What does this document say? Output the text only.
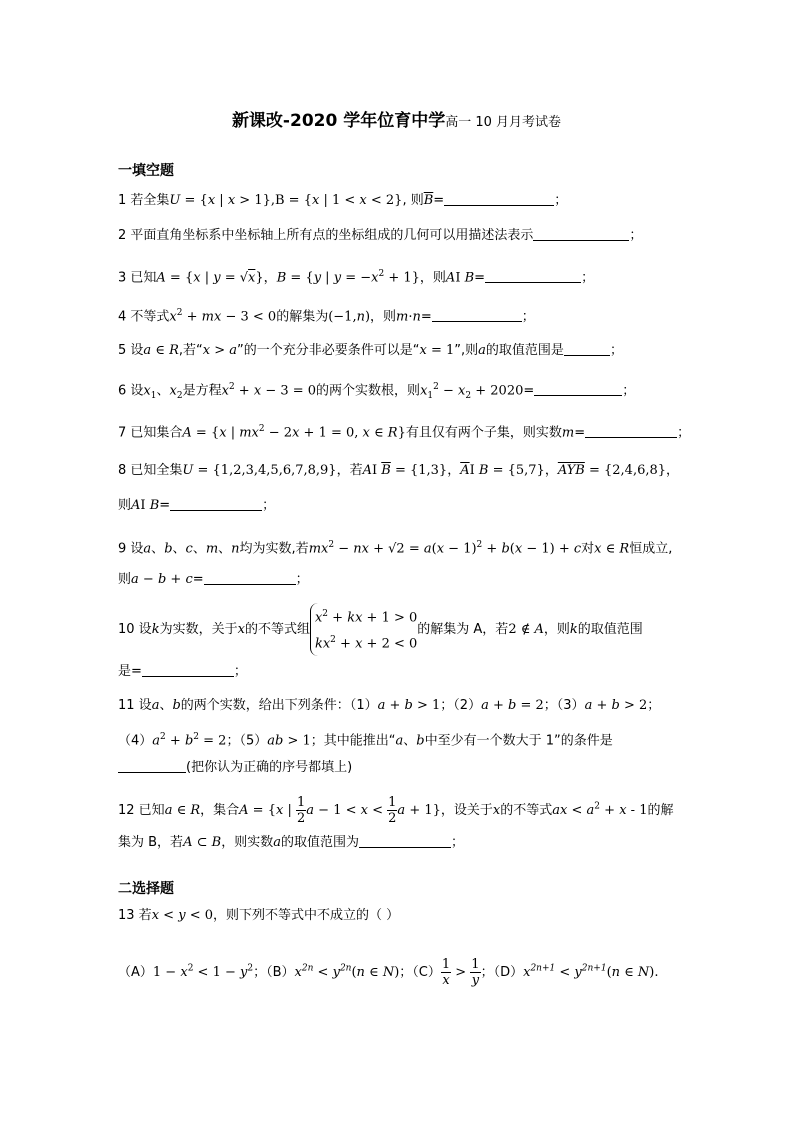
新课改-2020 学年位育中学高一 10 月月考试卷
一填空题
1 若全集U = {x | x > 1},B = {x | 1 < x < 2}, 则$\overline{B}=$	；
2 平面直角坐标系中坐标轴上所有点的坐标组成的几何可以用描述法表示	；
3 已知A = {x | y = √x}，B = {y | $y = -x^2 + 1$}，则AI B=	；
4 不等式$x^2$ + mx − 3 < 0的解集为(−1,n)，则m·n=	；
5 设a ∈ R,若“x > a”的一个充分非必要条件可以是“x = 1”,则a的取值范围是	；
6 设$x_1$、$x_2$是方程$x^2 + x - 3 = 0$的两个实数根，则$x_1^2 - x_2 + 2020=$	；
7 已知集合A = {x | $mx^2 - 2x + 1 = 0$, x ∈ R}有且仅有两个子集，则实数m=	；
8 已知全集U = {1,2,3,4,5,6,7,8,9}，若AI $\overline{B} = \{1,3\}$，$\overline{A}I$ B = {5,7}，$\overline{AYB} = \{2,4,6,8\}$，
则AI B=	；
9 设a、b、c、m、n均为实数,若$mx^2$ − nx + $√2 = a(x - 1)^2 + b(x - 1) + c$对x ∈ R恒成立,
则a − b + c=	；
10 设k为实数，关于x的不等式组
$x^2$ + kx + 1 > 0
$kx^2 + x + 2 < 0$
的解集为 A，若2 ∉ A，则k的取值范围
是=	；
11 设a、b的两个实数，给出下列条件：（1）a + b > 1；（2）a + b = 2；（3）a + b > 2；
$(4)a^2 + b^2 = 2$；（5）ab > 1；其中能推出“a、b中至少有一个数大于 1”的条件是
(把你认为正确的序号都填上)
12 已知a ∈ R，集合A = {x | $\frac{1}{2}$ $a - 1 < x < \frac{1}{2}$ a + 1}，设关于x的不等式ax < $a^2 + x - 1$的解
集为 B，若A ⊂ B，则实数a的取值范围为	；
二选择题
13 若x < y < 0，则下列不等式中不成立的（ ）
$(A)1 - x^2 < 1 - y^2$；$(B)x^{2n} < y^{2n}(n$ ∈ N)；$(C) \frac{1}{x} > \frac{1}{y}$ ；$(D)x^{2n+1} < y^{2n+1}(n$ ∈ N).
